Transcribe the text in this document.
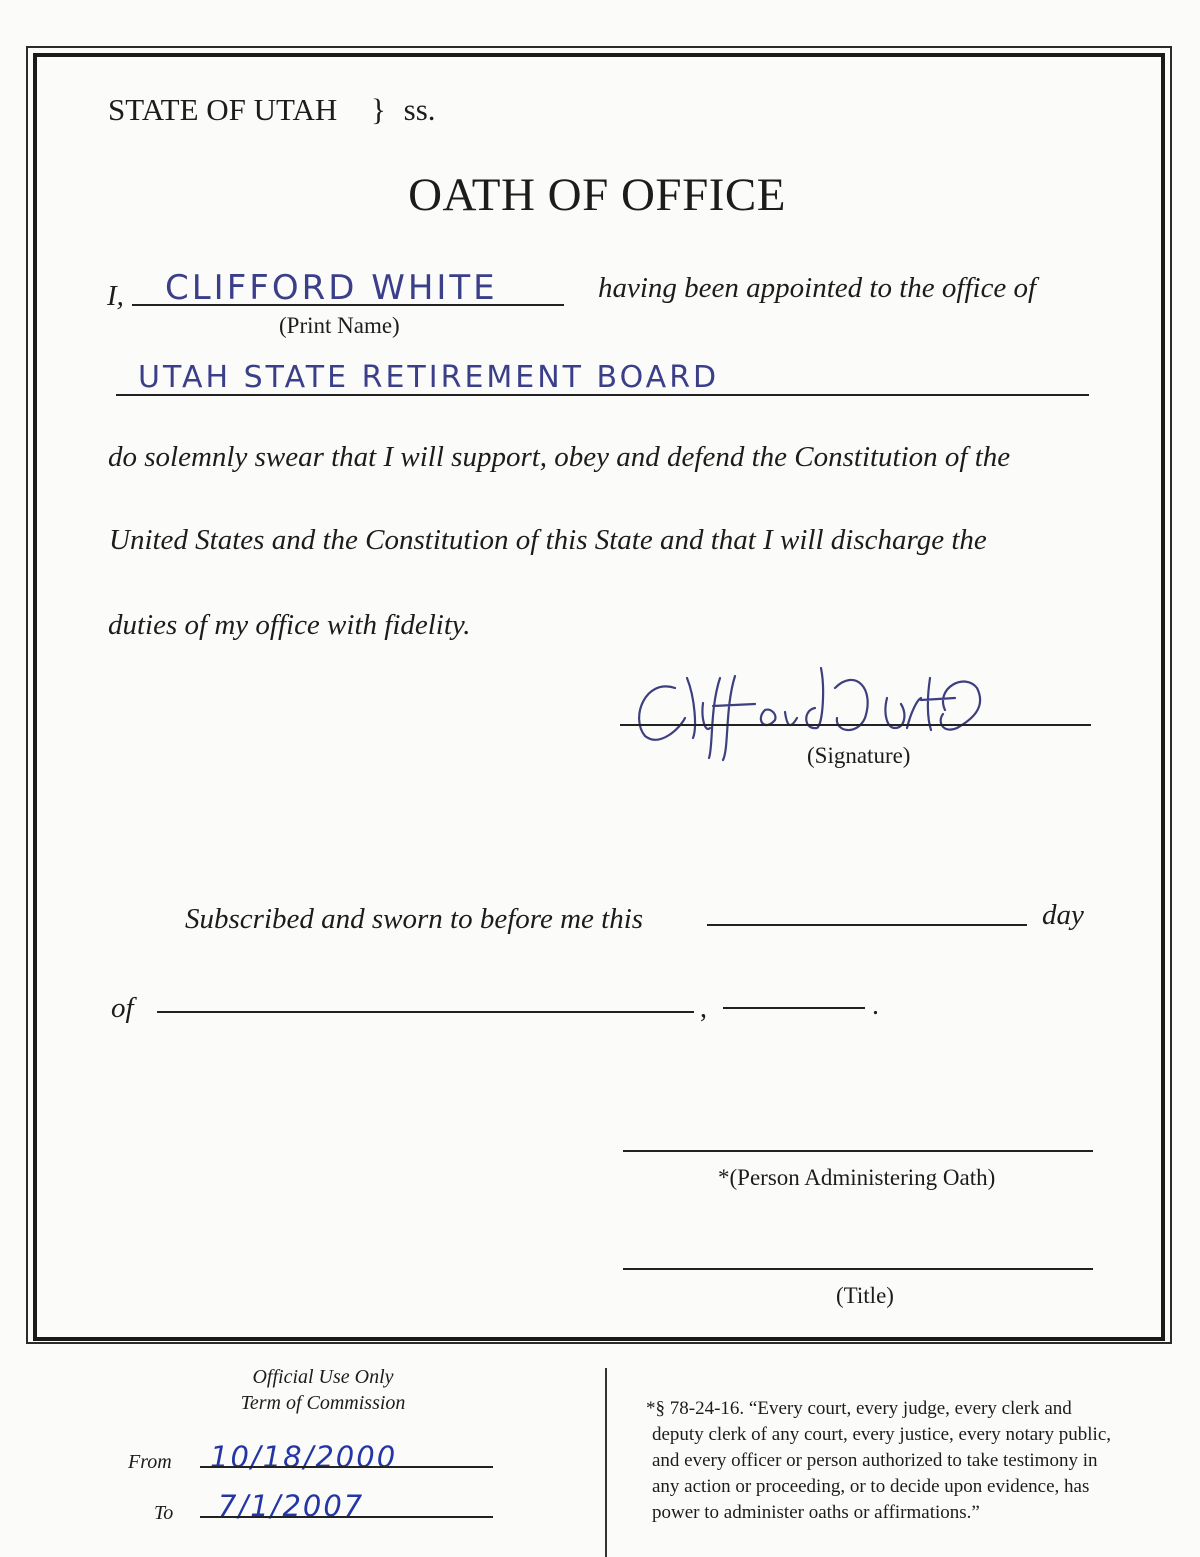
STATE OF UTAH } ss.
OATH OF OFFICE
I, CLIFFORD WHITE	having been appointed to the office of
(Print Name)
UTAH STATE RETIREMENT BOARD
do solemnly swear that I will support, obey and defend the Constitution of the
United States and the Constitution of this State and that I will discharge the
duties of my office with fidelity.
(Signature)
Subscribed and sworn to before me this	day
of	,	.
*(Person Administering Oath)
(Title)
Official Use Only
Term of Commission
From 10/18/2000
To 7/1/2007
*§ 78-24-16. “Every court, every judge, every clerk and
deputy clerk of any court, every justice, every notary public,
and every officer or person authorized to take testimony in
any action or proceeding, or to decide upon evidence, has
power to administer oaths or affirmations.”
